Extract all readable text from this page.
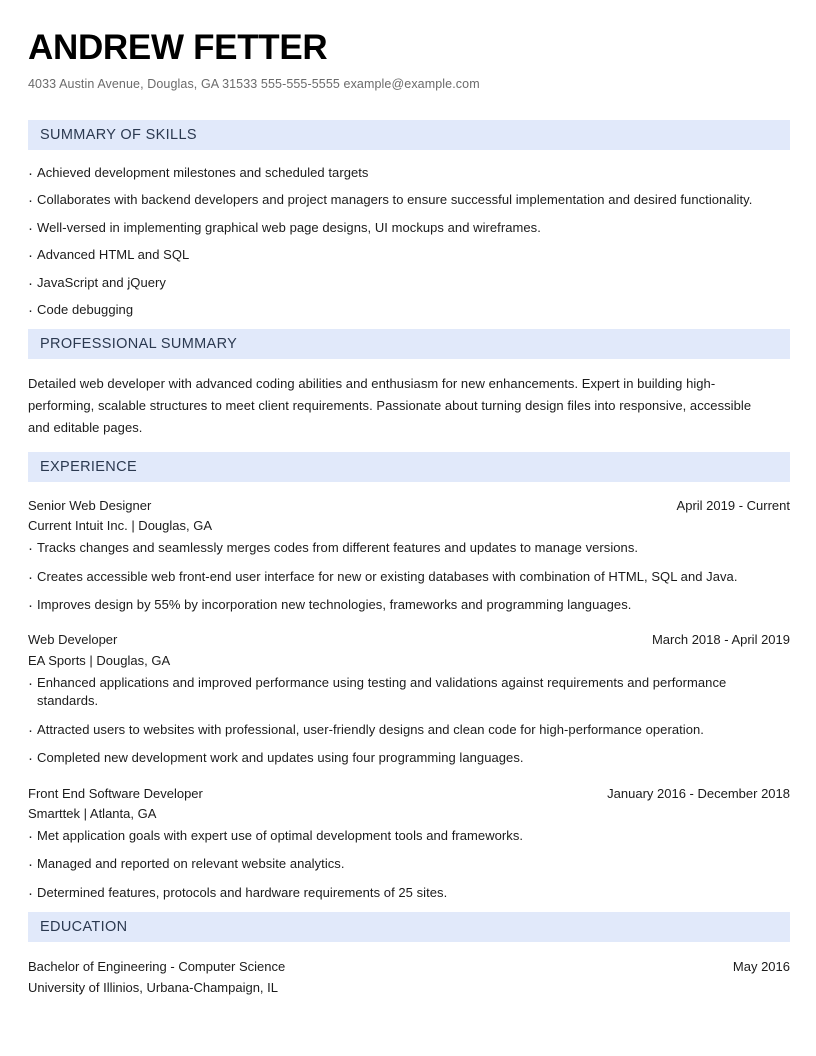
ANDREW FETTER
4033 Austin Avenue, Douglas, GA 31533 555-555-5555 example@example.com
SUMMARY OF SKILLS
· Achieved development milestones and scheduled targets
· Collaborates with backend developers and project managers to ensure successful implementation and desired functionality.
· Well-versed in implementing graphical web page designs, UI mockups and wireframes.
· Advanced HTML and SQL
· JavaScript and jQuery
· Code debugging
PROFESSIONAL SUMMARY

Detailed web developer with advanced coding abilities and enthusiasm for new enhancements. Expert in building high-performing, scalable structures to meet client requirements. Passionate about turning design files into responsive, accessible and editable pages.

EXPERIENCE
Senior Web Designer	April 2019 - Current
Current Intuit Inc. | Douglas, GA
· Tracks changes and seamlessly merges codes from different features and updates to manage versions.
· Creates accessible web front-end user interface for new or existing databases with combination of HTML, SQL and Java.
· Improves design by 55% by incorporation new technologies, frameworks and programming languages.
Web Developer	March 2018 - April 2019
EA Sports | Douglas, GA
· Enhanced applications and improved performance using testing and validations against requirements and performance standards.
· Attracted users to websites with professional, user-friendly designs and clean code for high-performance operation.
· Completed new development work and updates using four programming languages.
Front End Software Developer	January 2016 - December 2018
Smarttek | Atlanta, GA
· Met application goals with expert use of optimal development tools and frameworks.
· Managed and reported on relevant website analytics.
· Determined features, protocols and hardware requirements of 25 sites.
EDUCATION
Bachelor of Engineering - Computer Science	May 2016
University of Illinios, Urbana-Champaign, IL
